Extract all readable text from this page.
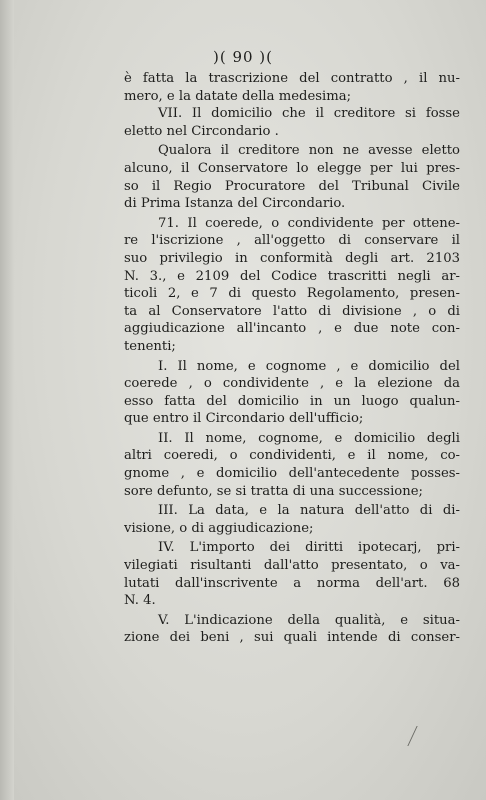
)( 90 )(
è fatta la trascrizione del contratto , il nu-
mero, e la datate della medesima;
VII. Il domicilio che il creditore si fosse
eletto nel Circondario .
Qualora il creditore non ne avesse eletto
alcuno, il Conservatore lo elegge per lui pres-
so il Regio Procuratore del Tribunal Civile
di Prima Istanza del Circondario.
71. Il coerede, o condividente per ottene-
re l'iscrizione , all'oggetto di conservare il
suo privilegio in conformità degli art. 2103
N. 3., e 2109 del Codice trascritti negli ar-
ticoli 2, e 7 di questo Regolamento, presen-
ta al Conservatore l'atto di divisione , o di
aggiudicazione all'incanto , e due note con-
tenenti;
I. Il nome, e cognome , e domicilio del
coerede , o condividente , e la elezione da
esso fatta del domicilio in un luogo qualun-
que entro il Circondario dell'ufficio;
II. Il nome, cognome, e domicilio degli
altri coeredi, o condividenti, e il nome, co-
gnome , e domicilio dell'antecedente posses-
sore defunto, se si tratta di una successione;
III. La data, e la natura dell'atto di di-
visione, o di aggiudicazione;
IV. L'importo dei diritti ipotecarj, pri-
vilegiati risultanti dall'atto presentato, o va-
lutati dall'inscrivente a norma dell'art. 68
N. 4.
V. L'indicazione della qualità, e situa-
zione dei beni , sui quali intende di conser-
